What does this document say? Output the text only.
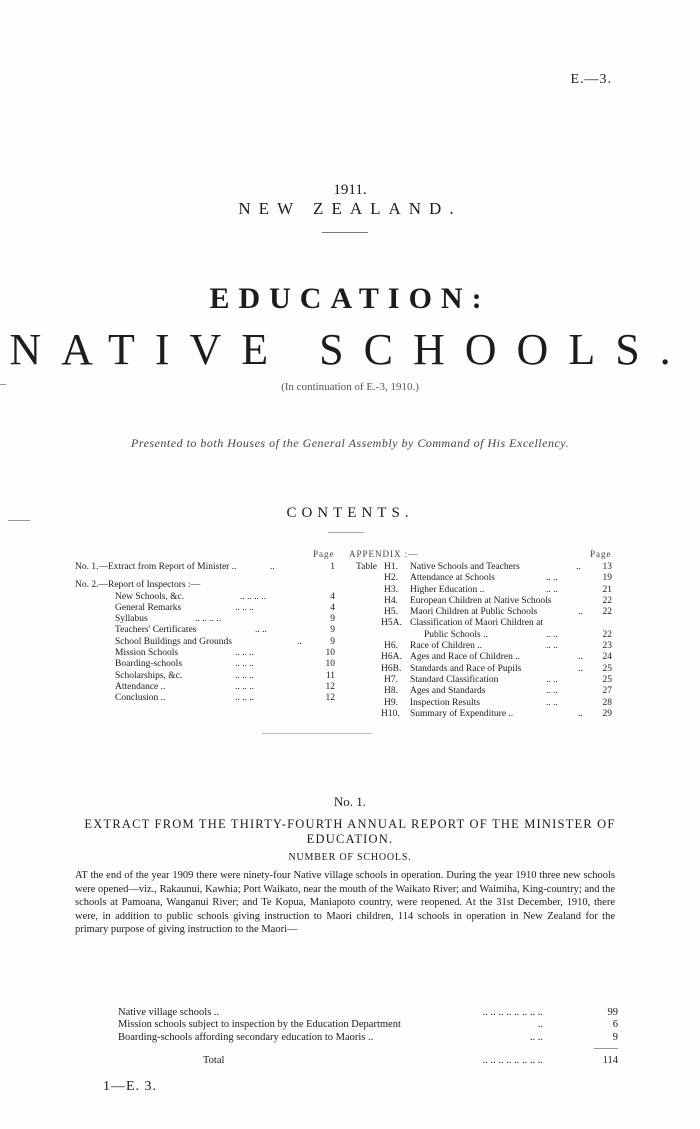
E.—3.
1911.
NEW ZEALAND.
EDUCATION:
NATIVE SCHOOLS.
(In continuation of E.-3, 1910.)
Presented to both Houses of the General Assembly by Command of His Excellency.
CONTENTS.
Page APPENDIX :—	Page
No. 1.—Extract from Report of Minister ..	..	1
No. 2.—Report of Inspectors :—
New Schools, &c.	.. .. .. ..	4
General Remarks	.. .. ..	4
Syllabus	.. .. .. ..	9
Teachers' Certificates	.. ..	9
School Buildings and Grounds	..	9
Mission Schools	.. .. ..	10
Boarding-schools	.. .. ..	10
Scholarships, &c.	.. .. ..	11
Attendance ..	.. .. ..	12
Conclusion ..	.. .. ..	12
Table H1. Native Schools and Teachers	.. 13
H2. Attendance at Schools	.. ..	19
H3. Higher Education ..	.. ..	21
H4. European Children at Native Schools	22
H5. Maori Children at Public Schools	.. 22
H5A. Classification of Maori Children at
Public Schools ..	.. ..	22
H6. Race of Children ..	.. ..	23
H6A. Ages and Race of Children ..	.. 24
H6B. Standards and Race of Pupils	.. 25
H7. Standard Classification	.. ..	25
H8. Ages and Standards	.. ..	27
H9. Inspection Results	.. ..	28
H10. Summary of Expenditure ..	.. 29
No. 1.
EXTRACT FROM THE THIRTY-FOURTH ANNUAL REPORT OF THE MINISTER OF
EDUCATION.
NUMBER OF SCHOOLS.
AT the end of the year 1909 there were ninety-four Native village schools in operation. During the year 1910 three new schools were opened—viz., Rakaunui, Kawhia; Port Waikato, near the mouth of the Waikato River; and Waimiha, King-country; and the schools at Pamoana, Wanganui River; and Te Kopua, Maniapoto country, were reopened. At the 31st December, 1910, there were, in addition to public schools giving instruction to Maori children, 114 schools in operation in New Zealand for the primary purpose of giving instruction to the Maori—
Native village schools ..	.. .. .. .. .. .. .. ..	99
Mission schools subject to inspection by the Education Department	..	6
Boarding-schools affording secondary education to Maoris ..	.. ..	9
Total	.. .. .. .. .. .. .. ..	114
1—E. 3.
